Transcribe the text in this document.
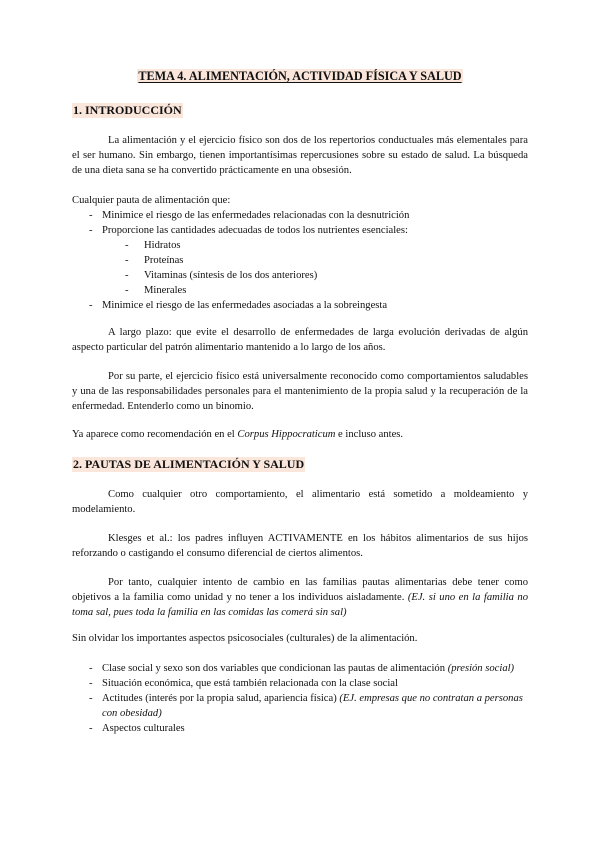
TEMA 4. ALIMENTACIÓN, ACTIVIDAD FÍSICA Y SALUD
1. INTRODUCCIÓN

La alimentación y el ejercicio físico son dos de los repertorios conductuales más elementales para el ser humano. Sin embargo, tienen importantísimas repercusiones sobre su estado de salud. La búsqueda de una dieta sana se ha convertido prácticamente en una obsesión.

Cualquier pauta de alimentación que:

- Minimice el riesgo de las enfermedades relacionadas con la desnutrición
- Proporcione las cantidades adecuadas de todos los nutrientes esenciales:
- Hidratos
- Proteínas
- Vitaminas (síntesis de los dos anteriores)
- Minerales
- Minimice el riesgo de las enfermedades asociadas a la sobreingesta

A largo plazo: que evite el desarrollo de enfermedades de larga evolución derivadas de algún aspecto particular del patrón alimentario mantenido a lo largo de los años.

Por su parte, el ejercicio físico está universalmente reconocido como comportamientos saludables y una de las responsabilidades personales para el mantenimiento de la propia salud y la recuperación de la enfermedad. Entenderlo como un binomio.

Ya aparece como recomendación en el Corpus Hippocraticum e incluso antes.

2. PAUTAS DE ALIMENTACIÓN Y SALUD

Como cualquier otro comportamiento, el alimentario está sometido a moldeamiento y modelamiento.

Klesges et al.: los padres influyen ACTIVAMENTE en los hábitos alimentarios de sus hijos reforzando o castigando el consumo diferencial de ciertos alimentos.

Por tanto, cualquier intento de cambio en las familias pautas alimentarias debe tener como objetivos a la familia como unidad y no tener a los individuos aisladamente. (EJ. si uno en la familia no toma sal, pues toda la familia en las comidas las comerá sin sal)

Sin olvidar los importantes aspectos psicosociales (culturales) de la alimentación.

- Clase social y sexo son dos variables que condicionan las pautas de alimentación (presión social)
- Situación económica, que está también relacionada con la clase social
- Actitudes (interés por la propia salud, apariencia física) (EJ. empresas que no contratan a personas con obesidad)
- Aspectos culturales
